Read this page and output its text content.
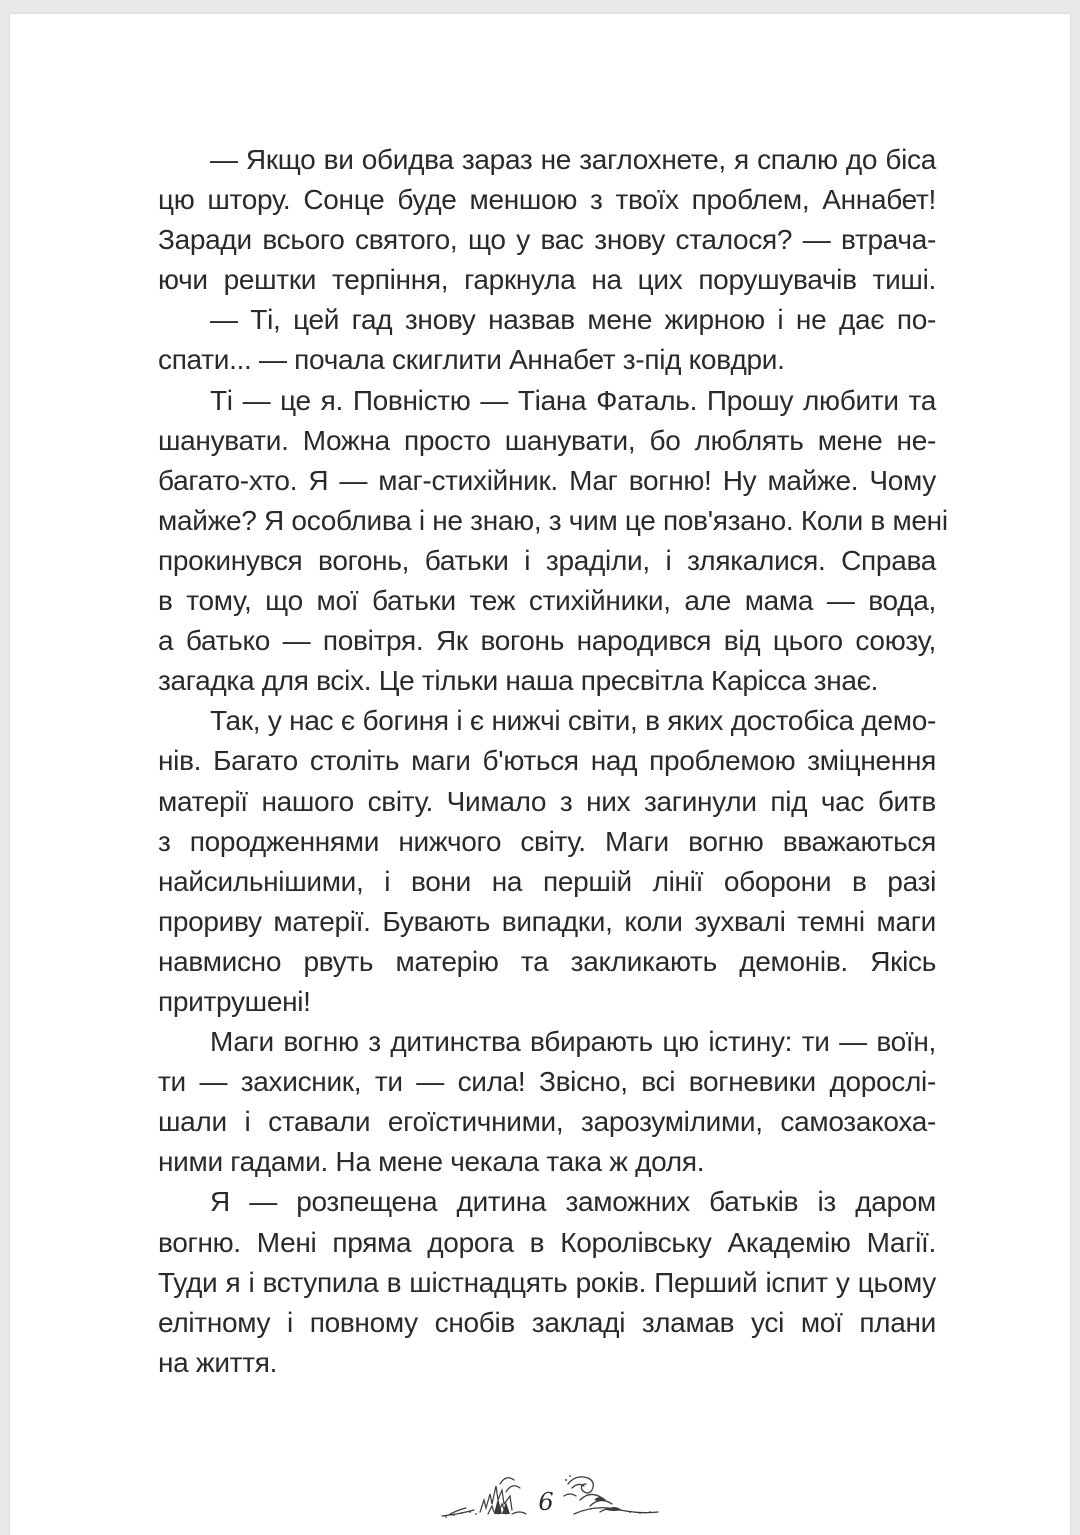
— Якщо ви обидва зараз не заглохнете, я спалю до біса
цю штору. Сонце буде меншою з твоїх проблем, Аннабет!
Заради всього святого, що у вас знову сталося? — втрача-
ючи рештки терпіння, гаркнула на цих порушувачів тиші.
— Ті, цей гад знову назвав мене жирною і не дає по-
спати... — почала скиглити Аннабет з-під ковдри.
Ті — це я. Повністю — Тіана Фаталь. Прошу любити та
шанувати. Можна просто шанувати, бо люблять мене не-
багато-хто. Я — маг-стихійник. Маг вогню! Ну майже. Чому
майже? Я особлива і не знаю, з чим це пов'язано. Коли в мені
прокинувся вогонь, батьки і зраділи, і злякалися. Справа
в тому, що мої батьки теж стихійники, але мама — вода,
а батько — повітря. Як вогонь народився від цього союзу,
загадка для всіх. Це тільки наша пресвітла Карісса знає.
Так, у нас є богиня і є нижчі світи, в яких достобіса демо-
нів. Багато століть маги б'ються над проблемою зміцнення
матерії нашого світу. Чимало з них загинули під час битв
з породженнями нижчого світу. Маги вогню вважаються
найсильнішими, і вони на першій лінії оборони в разі
прориву матерії. Бувають випадки, коли зухвалі темні маги
навмисно рвуть матерію та закликають демонів. Якісь
притрушені!
Маги вогню з дитинства вбирають цю істину: ти — воїн,
ти — захисник, ти — сила! Звісно, всі вогневики дорослі-
шали і ставали егоїстичними, зарозумілими, самозакоха-
ними гадами. На мене чекала така ж доля.
Я — розпещена дитина заможних батьків із даром
вогню. Мені пряма дорога в Королівську Академію Магії.
Туди я і вступила в шістнадцять років. Перший іспит у цьому
елітному і повному снобів закладі зламав усі мої плани
на життя.
6
